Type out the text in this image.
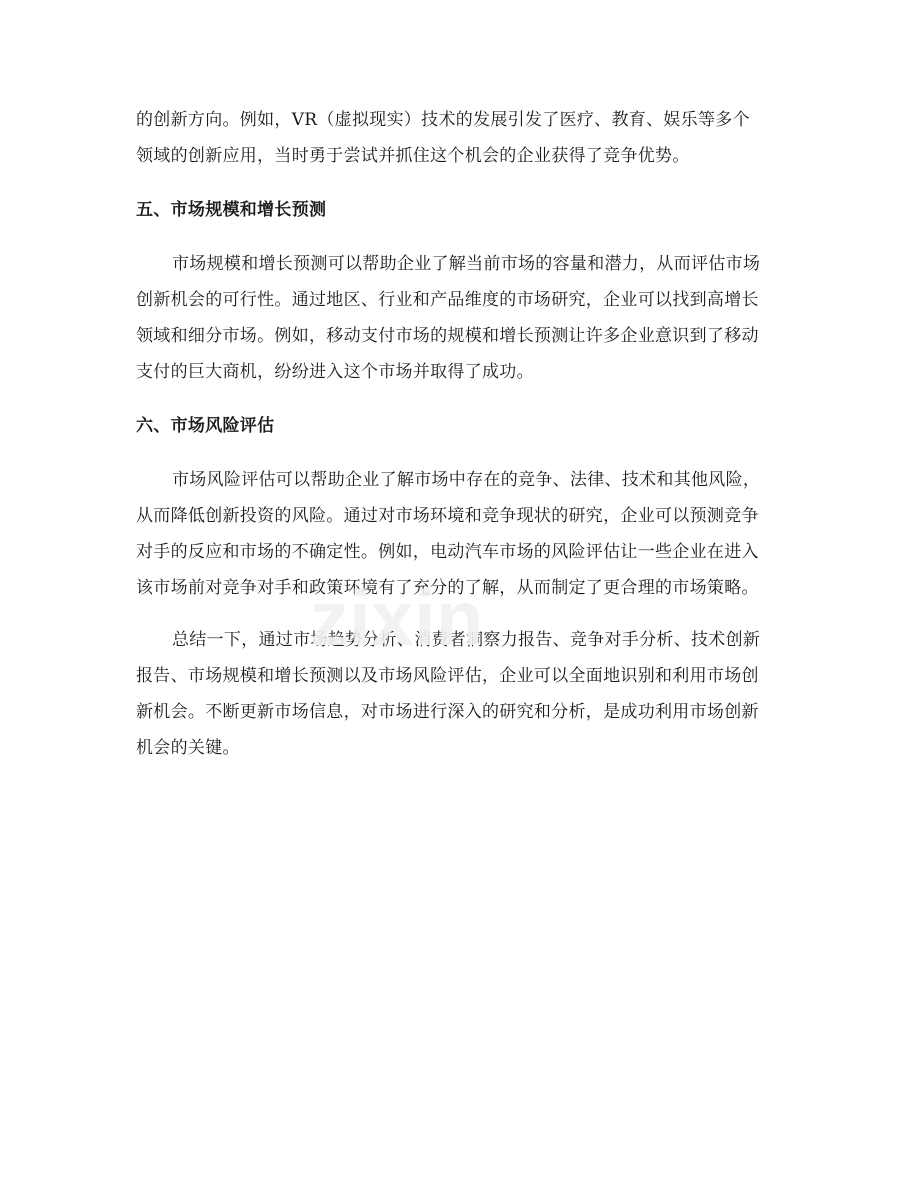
的创新方向。例如，VR（虚拟现实）技术的发展引发了医疗、教育、娱乐等多个
领域的创新应用，当时勇于尝试并抓住这个机会的企业获得了竞争优势。

五、市场规模和增长预测

市场规模和增长预测可以帮助企业了解当前市场的容量和潜力，从而评估市场
创新机会的可行性。通过地区、行业和产品维度的市场研究，企业可以找到高增长
领域和细分市场。例如，移动支付市场的规模和增长预测让许多企业意识到了移动
支付的巨大商机，纷纷进入这个市场并取得了成功。

六、市场风险评估

市场风险评估可以帮助企业了解市场中存在的竞争、法律、技术和其他风险，
从而降低创新投资的风险。通过对市场环境和竞争现状的研究，企业可以预测竞争
对手的反应和市场的不确定性。例如，电动汽车市场的风险评估让一些企业在进入
该市场前对竞争对手和政策环境有了充分的了解，从而制定了更合理的市场策略。

总结一下，通过市场趋势分析、消费者洞察力报告、竞争对手分析、技术创新
报告、市场规模和增长预测以及市场风险评估，企业可以全面地识别和利用市场创
新机会。不断更新市场信息，对市场进行深入的研究和分析，是成功利用市场创新
机会的关键。

zixin
